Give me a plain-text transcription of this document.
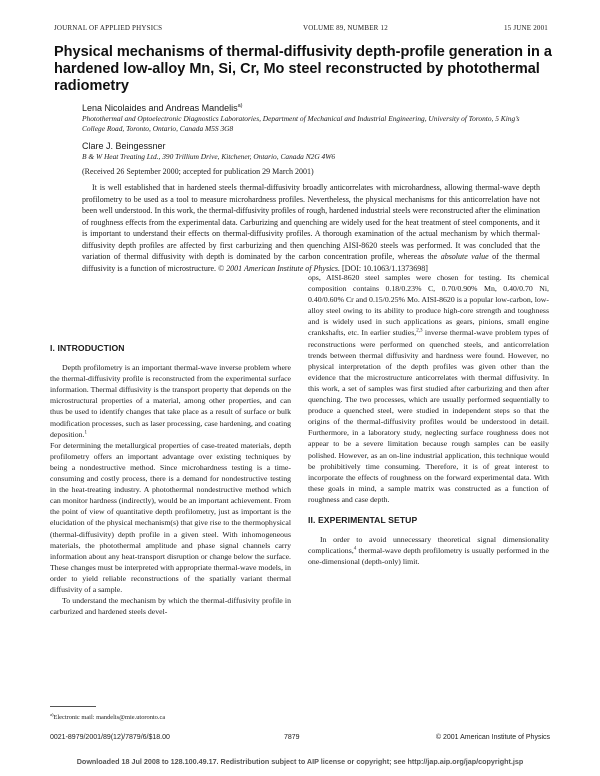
JOURNAL OF APPLIED PHYSICS	VOLUME 89, NUMBER 12	15 JUNE 2001
Physical mechanisms of thermal-diffusivity depth-profile generation in a hardened low-alloy Mn, Si, Cr, Mo steel reconstructed by photothermal radiometry
Lena Nicolaides and Andreas Mandelis$^{a)}$
Photothermal and Optoelectronic Diagnostics Laboratories, Department of Mechanical and Industrial Engineering, University of Toronto, 5 King’s College Road, Toronto, Ontario, Canada M5S 3G8
Clare J. Beingessner
B & W Heat Treating Ltd., 390 Trillium Drive, Kitchener, Ontario, Canada N2G 4W6
(Received 26 September 2000; accepted for publication 29 March 2001)
It is well established that in hardened steels thermal-diffusivity broadly anticorrelates with microhardness, allowing thermal-wave depth profilometry to be used as a tool to measure microhardness profiles. Nevertheless, the physical mechanisms for this anticorrelation have not been well understood. In this work, the thermal-diffusivity profiles of rough, hardened industrial steels were reconstructed after the elimination of roughness effects from the experimental data. Carburizing and quenching are widely used for the heat treatment of steel components, and it is important to understand their effects on thermal-diffusivity profiles. A thorough examination of the actual mechanism by which thermal-diffusivity depth profiles are affected by first carburizing and then quenching AISI-8620 steels was performed. It was concluded that the variation of thermal diffusivity with depth is dominated by the carbon concentration profile, whereas the absolute value of the thermal diffusivity is a function of microstructure. © 2001 American Institute of Physics. [DOI: 10.1063/1.1373698]
I. INTRODUCTION
Depth profilometry is an important thermal-wave inverse problem where the thermal-diffusivity profile is reconstructed from the experimental surface information. Thermal diffusivity is the transport property that depends on the microstructural properties of a material, among other properties, and can thus be used to identify changes that take place as a result of surface or bulk modification processes, such as laser processing, case hardening, and coating deposition.$^1$
For determining the metallurgical properties of case-treated materials, depth profilometry offers an important advantage over existing techniques by being a nondestructive method. Since microhardness testing is a time-consuming and costly process, there is a demand for nondestructive testing in the heat-treating industry. A photothermal nondestructive method which can monitor hardness (indirectly), would be an important achievement. From the point of view of quantitative depth profilometry, just as important is the elucidation of the physical mechanism(s) that give rise to the thermophysical (thermal-diffusivity) depth profile in a given steel. With inhomogeneous materials, the photothermal amplitude and phase signal channels carry information about any heat-transport disruption or change below the surface. These changes must be interpreted with appropriate thermal-wave models, in order to yield reliable reconstructions of the spatially variant thermal diffusivity of a sample.
To understand the mechanism by which the thermal-diffusivity profile in carburized and hardened steels devel-
ops, AISI-8620 steel samples were chosen for testing. Its chemical composition contains 0.18/0.23% C, 0.70/0.90% Mn, 0.40/0.70 Ni, 0.40/0.60% Cr and 0.15/0.25% Mo. AISI-8620 is a popular low-carbon, low-alloy steel owing to its ability to produce high-core strength and toughness and is widely used in such applications as gears, pinions, small engine crankshafts, etc. In earlier studies,$^{2,3}$ inverse thermal-wave problem types of reconstructions were performed on quenched steels, and anticorrelation trends between thermal diffusivity and hardness were found. However, no physical interpretation of the depth profiles was given other than the evidence that the microstructure anticorrelates with thermal diffusivity. In this work, a set of samples was first studied after carburizing and then after quenching. The two processes, which are usually performed sequentially to produce a quenched steel, were studied in independent steps so that the origins of the thermal-diffusivity profiles would be understood in detail. Furthermore, in a laboratory study, neglecting surface roughness does not appear to be a severe limitation because rough samples can be easily polished. However, as an on-line industrial application, this technique would be prohibitively time consuming. Therefore, it is of great interest to incorporate the effects of roughness on the forward experimental data. With these goals in mind, a sample matrix was constructed as a function of roughness and case depth.
II. EXPERIMENTAL SETUP
In order to avoid unnecessary theoretical signal dimensionality complications,$^4$ thermal-wave depth profilometry is usually performed in the one-dimensional (depth-only) limit.
$^{a)}$Electronic mail: mandelis@mie.utoronto.ca
0021-8979/2001/89(12)/7879/6/$18.00	7879	© 2001 American Institute of Physics
Downloaded 18 Jul 2008 to 128.100.49.17. Redistribution subject to AIP license or copyright; see http://jap.aip.org/jap/copyright.jsp
